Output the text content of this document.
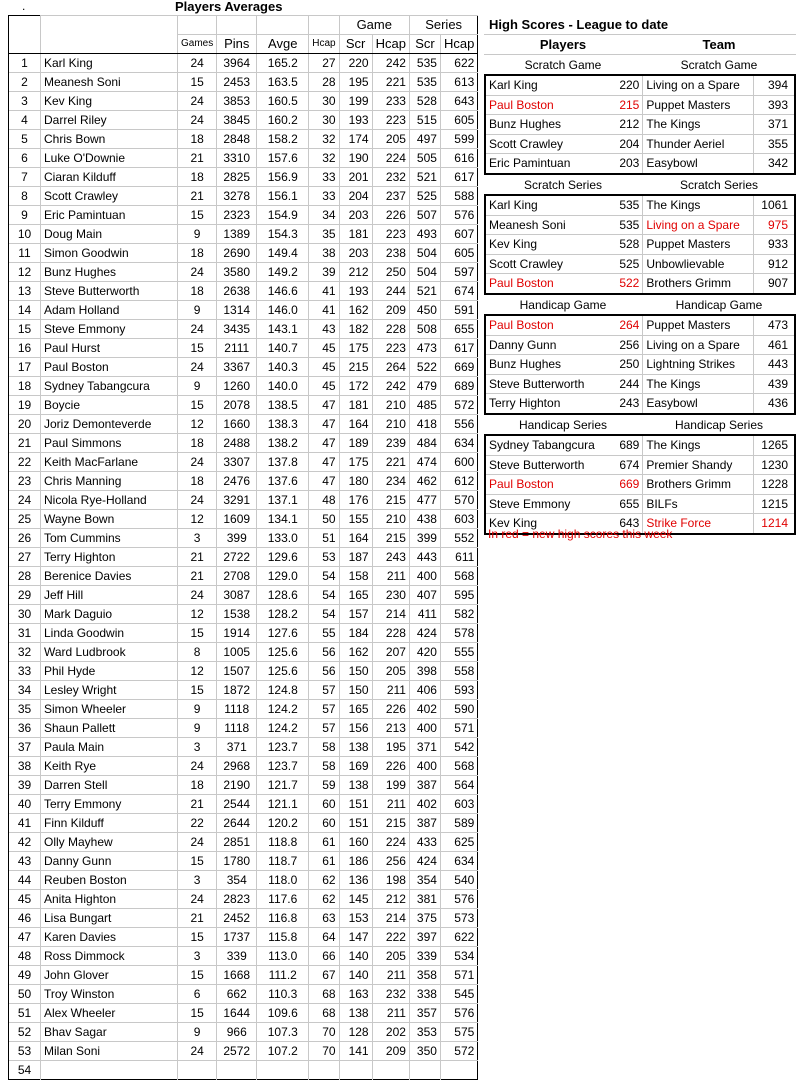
.	Players Averages
						Game		Series	
		Games	Pins	Avge	Hcap	Scr	Hcap	Scr	Hcap
1	Karl King	24	3964	165.2	27	220	242	535	622
2	Meanesh Soni	15	2453	163.5	28	195	221	535	613
3	Kev King	24	3853	160.5	30	199	233	528	643
4	Darrel Riley	24	3845	160.2	30	193	223	515	605
5	Chris Bown	18	2848	158.2	32	174	205	497	599
6	Luke O'Downie	21	3310	157.6	32	190	224	505	616
7	Ciaran Kilduff	18	2825	156.9	33	201	232	521	617
8	Scott Crawley	21	3278	156.1	33	204	237	525	588
9	Eric Pamintuan	15	2323	154.9	34	203	226	507	576
10	Doug Main	9	1389	154.3	35	181	223	493	607
11	Simon Goodwin	18	2690	149.4	38	203	238	504	605
12	Bunz Hughes	24	3580	149.2	39	212	250	504	597
13	Steve Butterworth	18	2638	146.6	41	193	244	521	674
14	Adam Holland	9	1314	146.0	41	162	209	450	591
15	Steve Emmony	24	3435	143.1	43	182	228	508	655
16	Paul Hurst	15	2111	140.7	45	175	223	473	617
17	Paul Boston	24	3367	140.3	45	215	264	522	669
18	Sydney Tabangcura	9	1260	140.0	45	172	242	479	689
19	Boycie	15	2078	138.5	47	181	210	485	572
20	Joriz Demonteverde	12	1660	138.3	47	164	210	418	556
21	Paul Simmons	18	2488	138.2	47	189	239	484	634
22	Keith MacFarlane	24	3307	137.8	47	175	221	474	600
23	Chris Manning	18	2476	137.6	47	180	234	462	612
24	Nicola Rye-Holland	24	3291	137.1	48	176	215	477	570
25	Wayne Bown	12	1609	134.1	50	155	210	438	603
26	Tom Cummins	3	399	133.0	51	164	215	399	552
27	Terry Highton	21	2722	129.6	53	187	243	443	611
28	Berenice Davies	21	2708	129.0	54	158	211	400	568
29	Jeff Hill	24	3087	128.6	54	165	230	407	595
30	Mark Daguio	12	1538	128.2	54	157	214	411	582
31	Linda Goodwin	15	1914	127.6	55	184	228	424	578
32	Ward Ludbrook	8	1005	125.6	56	162	207	420	555
33	Phil Hyde	12	1507	125.6	56	150	205	398	558
34	Lesley Wright	15	1872	124.8	57	150	211	406	593
35	Simon Wheeler	9	1118	124.2	57	165	226	402	590
36	Shaun Pallett	9	1118	124.2	57	156	213	400	571
37	Paula Main	3	371	123.7	58	138	195	371	542
38	Keith Rye	24	2968	123.7	58	169	226	400	568
39	Darren Stell	18	2190	121.7	59	138	199	387	564
40	Terry Emmony	21	2544	121.1	60	151	211	402	603
41	Finn Kilduff	22	2644	120.2	60	151	215	387	589
42	Olly Mayhew	24	2851	118.8	61	160	224	433	625
43	Danny Gunn	15	1780	118.7	61	186	256	424	634
44	Reuben Boston	3	354	118.0	62	136	198	354	540
45	Anita Highton	24	2823	117.6	62	145	212	381	576
46	Lisa Bungart	21	2452	116.8	63	153	214	375	573
47	Karen Davies	15	1737	115.8	64	147	222	397	622
48	Ross Dimmock	3	339	113.0	66	140	205	339	534
49	John Glover	15	1668	111.2	67	140	211	358	571
50	Troy Winston	6	662	110.3	68	163	232	338	545
51	Alex Wheeler	15	1644	109.6	68	138	211	357	576
52	Bhav Sagar	9	966	107.3	70	128	202	353	575
53	Milan Soni	24	2572	107.2	70	141	209	350	572
54									
High Scores - League to date
Players	Team
Scratch Game	Scratch Game
Karl King	220 Living on a Spare	394
Paul Boston	215 Puppet Masters	393
Bunz Hughes	212 The Kings	371
Scott Crawley	204 Thunder Aeriel	355
Eric Pamintuan	203 Easybowl	342
Scratch Series	Scratch Series
Karl King	535 The Kings	1061
Meanesh Soni	535 Living on a Spare	975
Kev King	528 Puppet Masters	933
Scott Crawley	525 Unbowlievable	912
Paul Boston	522 Brothers Grimm	907
Handicap Game	Handicap Game
Paul Boston	264 Puppet Masters	473
Danny Gunn	256 Living on a Spare	461
Bunz Hughes	250 Lightning Strikes	443
Steve Butterworth	244 The Kings	439
Terry Highton	243 Easybowl	436
Handicap Series	Handicap Series
Sydney Tabangcura	689 The Kings	1265
Steve Butterworth	674 Premier Shandy	1230
Paul Boston	669 Brothers Grimm	1228
Steve Emmony	655 BILFs	1215
Kev King	643 Strike Force	1214
In red = new high scores this week
